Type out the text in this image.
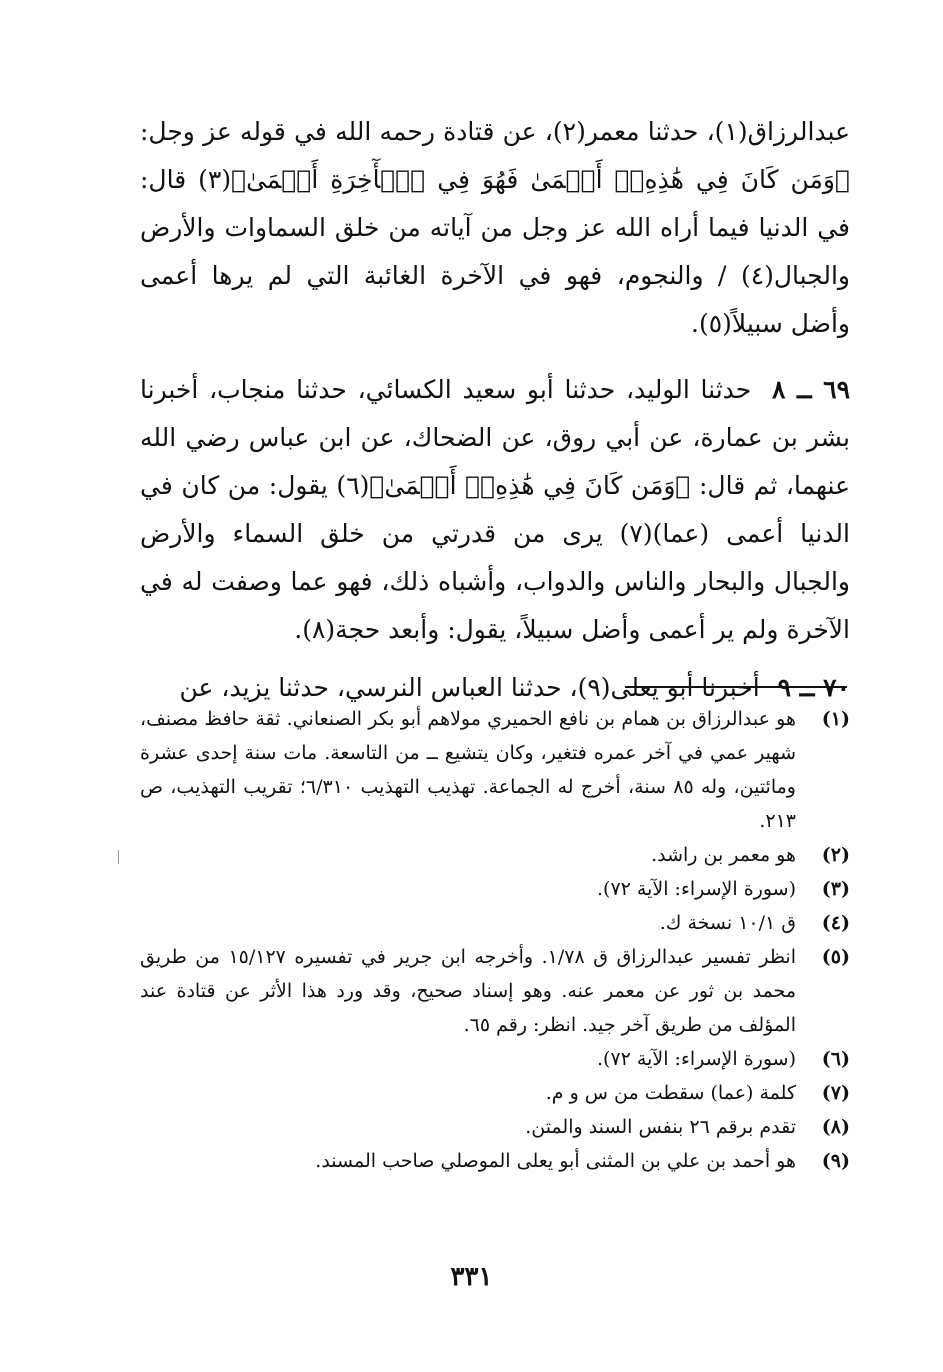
عبدالرزاق(١)، حدثنا معمر(٢)، عن قتادة رحمه الله في قوله عز وجل: ﴿وَمَن كَانَ فِي هَٰذِهِۦٓ أَعۡمَىٰ فَهُوَ فِي ٱلۡأٓخِرَةِ أَعۡمَىٰ﴾(٣) قال: في الدنيا فيما أراه الله عز وجل من آياته من خلق السماوات والأرض والجبال(٤) / والنجوم، فهو في الآخرة الغائبة التي لم يرها أعمى وأضل سبيلاً(٥).

٦٩ ــ ٨ حدثنا الوليد، حدثنا أبو سعيد الكسائي، حدثنا منجاب، أخبرنا بشر بن عمارة، عن أبي روق، عن الضحاك، عن ابن عباس رضي الله عنهما، ثم قال: ﴿وَمَن كَانَ فِي هَٰذِهِۦٓ أَعۡمَىٰ﴾(٦) يقول: من كان في الدنيا أعمى (عما)(٧) يرى من قدرتي من خلق السماء والأرض والجبال والبحار والناس والدواب، وأشباه ذلك، فهو عما وصفت له في الآخرة ولم ير أعمى وأضل سبيلاً، يقول: وأبعد حجة(٨).

٧٠ ــ ٩ أخبرنا أبو يعلى(٩)، حدثنا العباس النرسي، حدثنا يزيد، عن

(١)
هو عبدالرزاق بن همام بن نافع الحميري مولاهم أبو بكر الصنعاني. ثقة حافظ مصنف، شهير عمي في آخر عمره فتغير، وكان يتشيع ــ من التاسعة. مات سنة إحدى عشرة ومائتين، وله ٨٥ سنة، أخرج له الجماعة. تهذيب التهذيب ٦/٣١٠؛ تقريب التهذيب، ص ٢١٣.
(٢)
هو معمر بن راشد.
(٣)
(سورة الإسراء: الآية ٧٢).
(٤)
ق ١٠/١ نسخة ك.
(٥)
انظر تفسير عبدالرزاق ق ١/٧٨. وأخرجه ابن جرير في تفسيره ١٥/١٢٧ من طريق محمد بن ثور عن معمر عنه. وهو إسناد صحيح، وقد ورد هذا الأثر عن قتادة عند المؤلف من طريق آخر جيد. انظر: رقم ٦٥.
(٦)
(سورة الإسراء: الآية ٧٢).
(٧)
كلمة (عما) سقطت من س و م.
(٨)
تقدم برقم ٢٦ بنفس السند والمتن.
(٩)
هو أحمد بن علي بن المثنى أبو يعلى الموصلي صاحب المسند.
٣٣١
